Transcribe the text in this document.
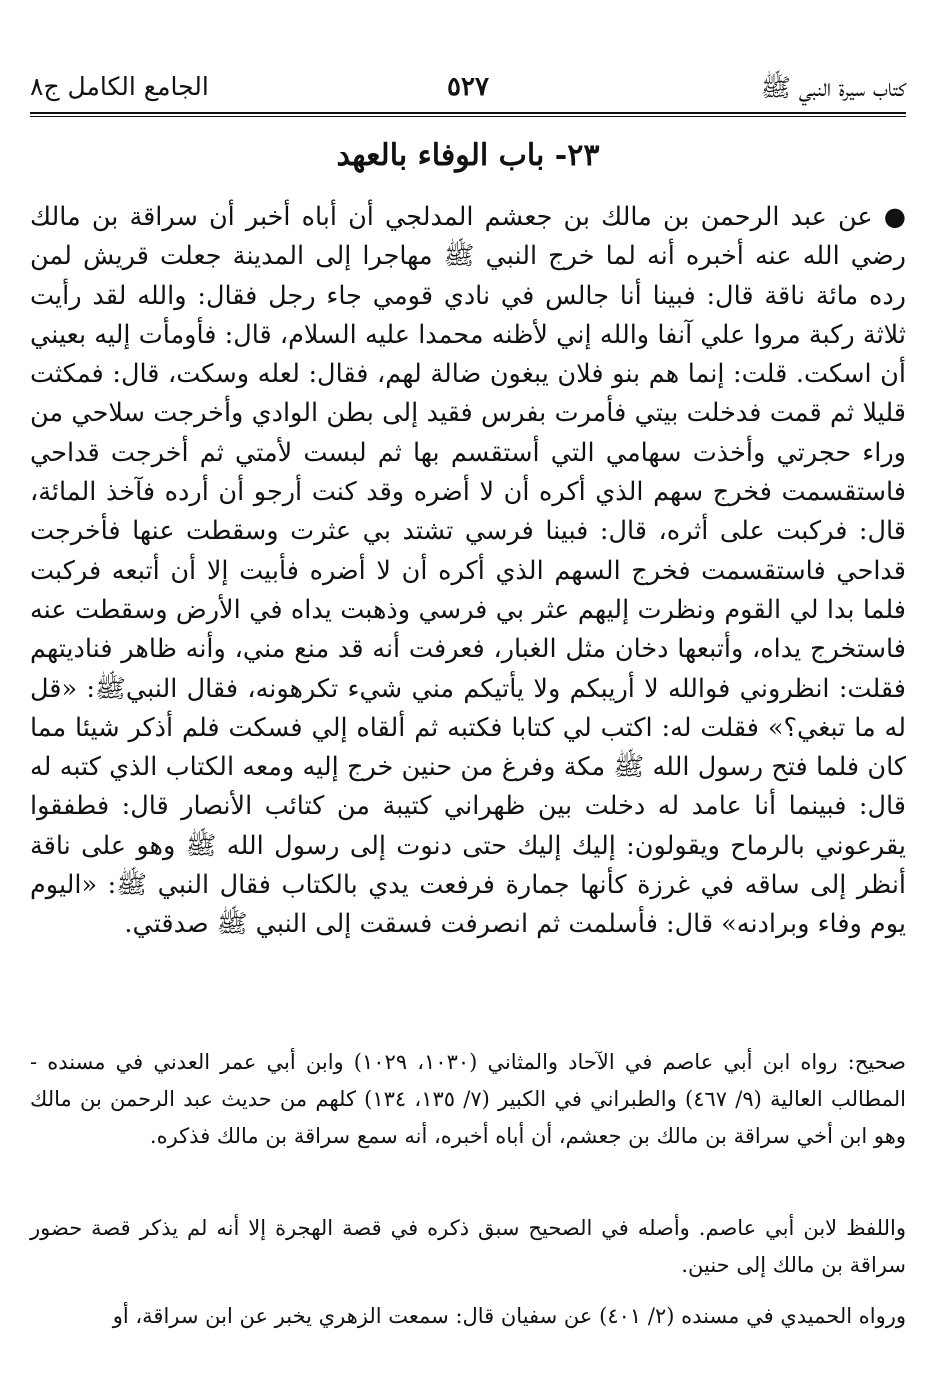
كتاب سيرة النبي ﷺ
٥٢٧
الجامع الكامل ج٨
٢٣- باب الوفاء بالعهد

● عن عبد الرحمن بن مالك بن جعشم المدلجي أن أباه أخبر أن سراقة بن مالك رضي الله عنه أخبره أنه لما خرج النبي ﷺ مهاجرا إلى المدينة جعلت قريش لمن رده مائة ناقة قال: فبينا أنا جالس في نادي قومي جاء رجل فقال: والله لقد رأيت ثلاثة ركبة مروا علي آنفا والله إني لأظنه محمدا عليه السلام، قال: فأومأت إليه بعيني أن اسكت. قلت: إنما هم بنو فلان يبغون ضالة لهم، فقال: لعله وسكت، قال: فمكثت قليلا ثم قمت فدخلت بيتي فأمرت بفرس فقيد إلى بطن الوادي وأخرجت سلاحي من وراء حجرتي وأخذت سهامي التي أستقسم بها ثم لبست لأمتي ثم أخرجت قداحي فاستقسمت فخرج سهم الذي أكره أن لا أضره وقد كنت أرجو أن أرده فآخذ المائة، قال: فركبت على أثره، قال: فبينا فرسي تشتد بي عثرت وسقطت عنها فأخرجت قداحي فاستقسمت فخرج السهم الذي أكره أن لا أضره فأبيت إلا أن أتبعه فركبت فلما بدا لي القوم ونظرت إليهم عثر بي فرسي وذهبت يداه في الأرض وسقطت عنه فاستخرج يداه، وأتبعها دخان مثل الغبار، فعرفت أنه قد منع مني، وأنه ظاهر فناديتهم فقلت: انظروني فوالله لا أريبكم ولا يأتيكم مني شيء تكرهونه، فقال النبيﷺ: «قل له ما تبغي؟» فقلت له: اكتب لي كتابا فكتبه ثم ألقاه إلي فسكت فلم أذكر شيئا مما كان فلما فتح رسول الله ﷺ مكة وفرغ من حنين خرج إليه ومعه الكتاب الذي كتبه له قال: فبينما أنا عامد له دخلت بين ظهراني كتيبة من كتائب الأنصار قال: فطفقوا يقرعوني بالرماح ويقولون: إليك إليك حتى دنوت إلى رسول الله ﷺ وهو على ناقة أنظر إلى ساقه في غرزة كأنها جمارة فرفعت يدي بالكتاب فقال النبي ﷺ: «اليوم يوم وفاء وبرادنه» قال: فأسلمت ثم انصرفت فسقت إلى النبي ﷺ صدقتي.

صحيح: رواه ابن أبي عاصم في الآحاد والمثاني (١٠٣٠، ١٠٢٩) وابن أبي عمر العدني في مسنده - المطالب العالية (٩/ ٤٦٧) والطبراني في الكبير (٧/ ١٣٥، ١٣٤) كلهم من حديث عبد الرحمن بن مالك وهو ابن أخي سراقة بن مالك بن جعشم، أن أباه أخبره، أنه سمع سراقة بن مالك فذكره.

واللفظ لابن أبي عاصم. وأصله في الصحيح سبق ذكره في قصة الهجرة إلا أنه لم يذكر قصة حضور سراقة بن مالك إلى حنين.

ورواه الحميدي في مسنده (٢/ ٤٠١) عن سفيان قال: سمعت الزهري يخبر عن ابن سراقة، أو
